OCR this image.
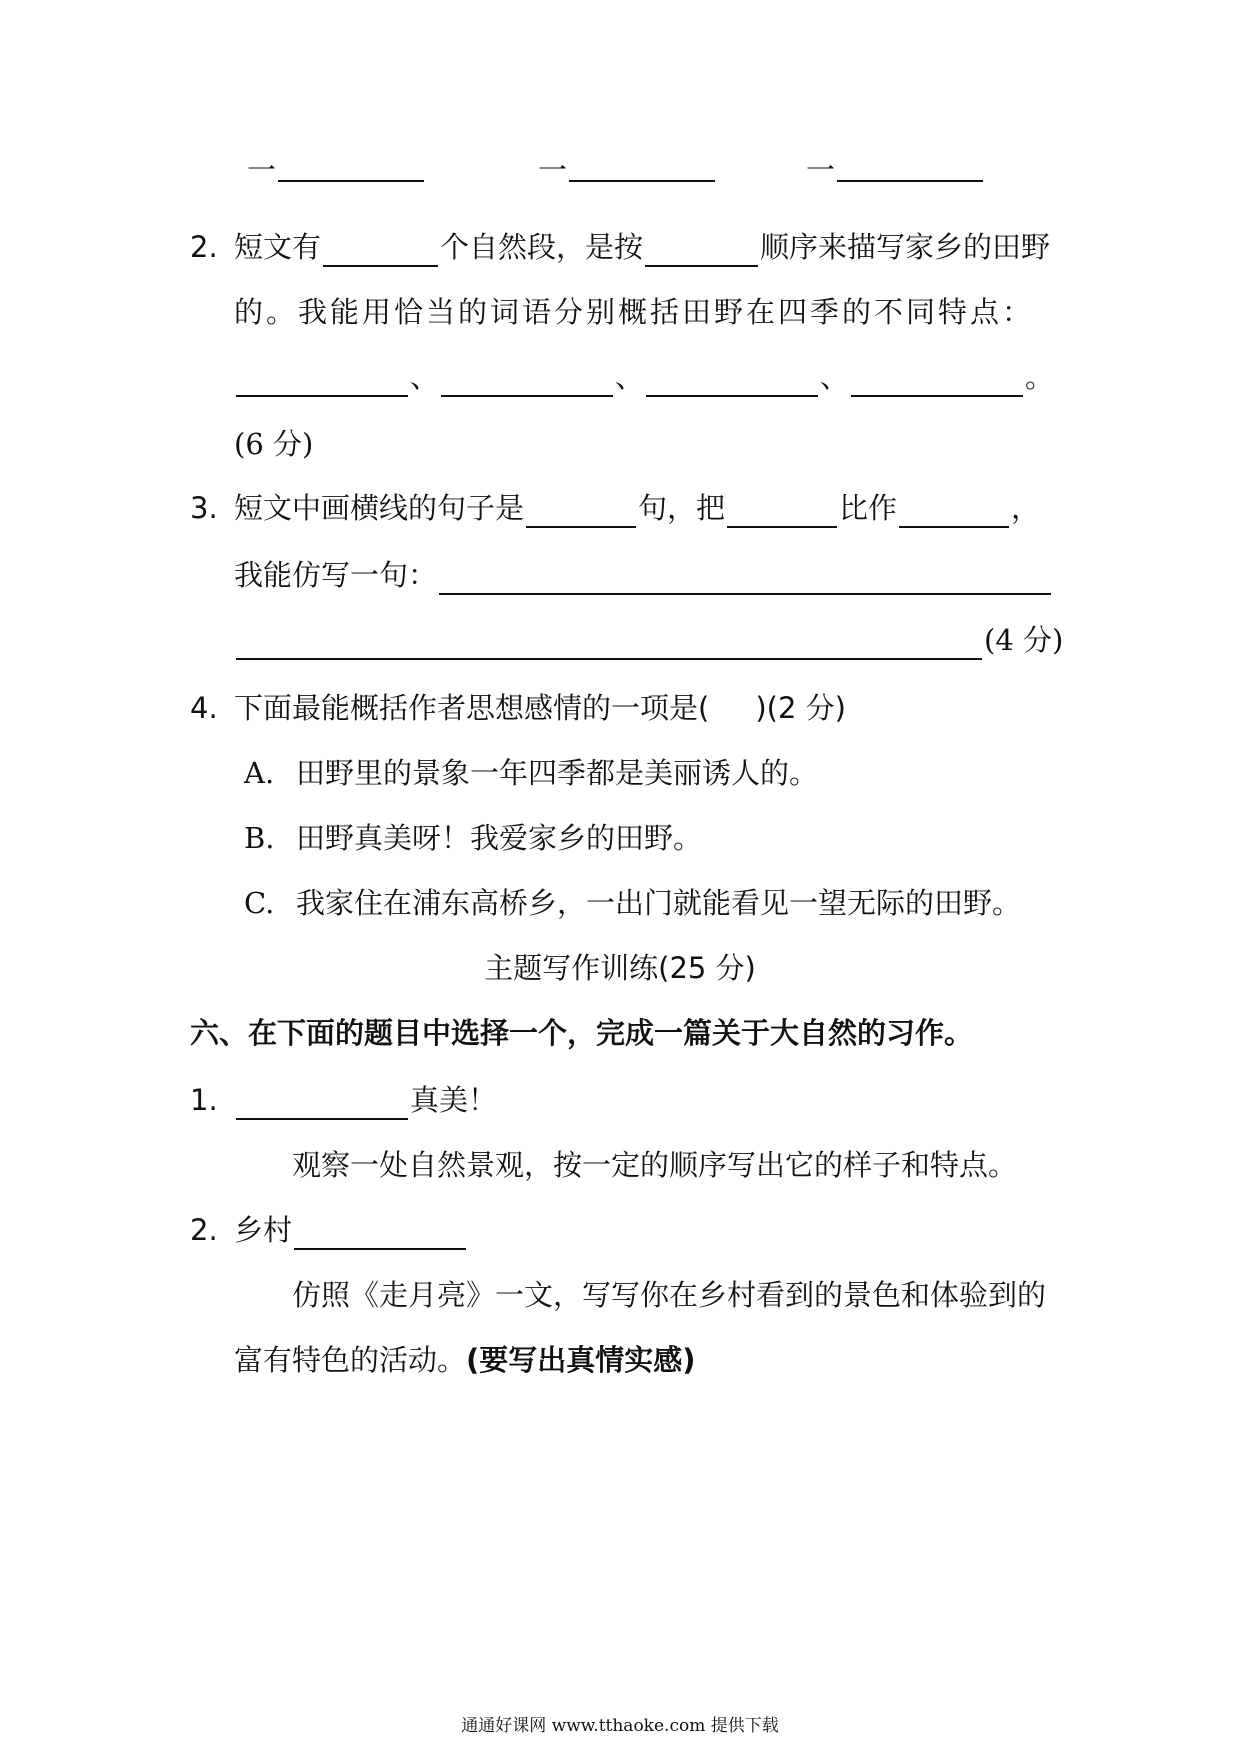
一	一	一
2. 短文有	个自然段，是按	顺序来描写家乡的田野
的。我能用恰当的词语分别概括田野在四季的不同特点：
、	、	、	。
(6 分)
3. 短文中画横线的句子是	句，把	比作	，
我能仿写一句：
(4 分)
4. 下面最能概括作者思想感情的一项是( )(2 分)
A. 田野里的景象一年四季都是美丽诱人的。
B. 田野真美呀！我爱家乡的田野。
C. 我家住在浦东高桥乡，一出门就能看见一望无际的田野。
主题写作训练(25 分)
六、在下面的题目中选择一个，完成一篇关于大自然的习作。
1.	真美！
观察一处自然景观，按一定的顺序写出它的样子和特点。
2. 乡村
仿照《走月亮》一文，写写你在乡村看到的景色和体验到的
富有特色的活动。(要写出真情实感)
通通好课网 www.tthaoke.com 提供下载
